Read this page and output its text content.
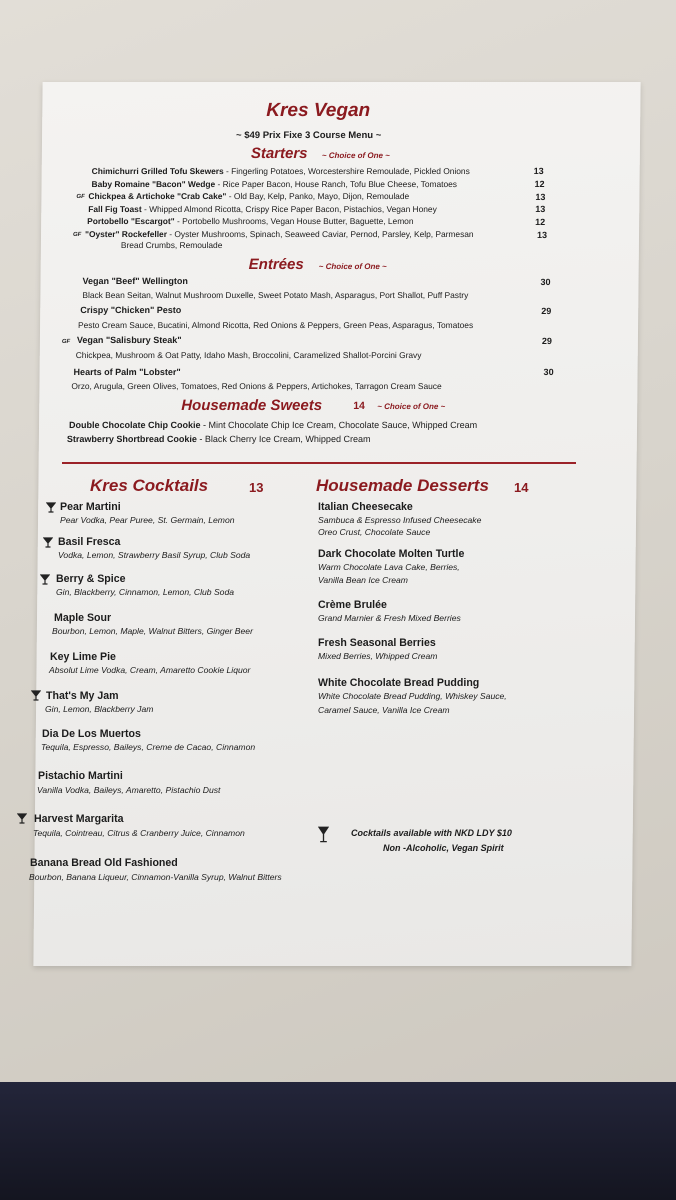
Kres Vegan
~ $49 Prix Fixe 3 Course Menu ~
Starters ~ Choice of One ~
Chimichurri Grilled Tofu Skewers - Fingerling Potatoes, Worcestershire Remoulade, Pickled Onions	13
Baby Romaine "Bacon" Wedge - Rice Paper Bacon, House Ranch, Tofu Blue Cheese, Tomatoes	12
GF Chickpea & Artichoke "Crab Cake" - Old Bay, Kelp, Panko, Mayo, Dijon, Remoulade	13
Fall Fig Toast - Whipped Almond Ricotta, Crispy Rice Paper Bacon, Pistachios, Vegan Honey	13
Portobello "Escargot" - Portobello Mushrooms, Vegan House Butter, Baguette, Lemon	12
GF "Oyster" Rockefeller - Oyster Mushrooms, Spinach, Seaweed Caviar, Pernod, Parsley, Kelp, Parmesan	13
Bread Crumbs, Remoulade
Entrées ~ Choice of One ~
Vegan "Beef" Wellington	30
Black Bean Seitan, Walnut Mushroom Duxelle, Sweet Potato Mash, Asparagus, Port Shallot, Puff Pastry
Crispy "Chicken" Pesto	29
Pesto Cream Sauce, Bucatini, Almond Ricotta, Red Onions & Peppers, Green Peas, Asparagus, Tomatoes
GF Vegan "Salisbury Steak"	29
Chickpea, Mushroom & Oat Patty, Idaho Mash, Broccolini, Caramelized Shallot-Porcini Gravy
Hearts of Palm "Lobster"	30
Orzo, Arugula, Green Olives, Tomatoes, Red Onions & Peppers, Artichokes, Tarragon Cream Sauce
Housemade Sweets	14 ~ Choice of One ~
Double Chocolate Chip Cookie - Mint Chocolate Chip Ice Cream, Chocolate Sauce, Whipped Cream
Strawberry Shortbread Cookie - Black Cherry Ice Cream, Whipped Cream
Kres Cocktails	13
Pear Martini
Pear Vodka, Pear Puree, St. Germain, Lemon
Basil Fresca
Vodka, Lemon, Strawberry Basil Syrup, Club Soda
Berry & Spice
Gin, Blackberry, Cinnamon, Lemon, Club Soda
Maple Sour
Bourbon, Lemon, Maple, Walnut Bitters, Ginger Beer
Key Lime Pie
Absolut Lime Vodka, Cream, Amaretto Cookie Liquor
That's My Jam
Gin, Lemon, Blackberry Jam
Dia De Los Muertos
Tequila, Espresso, Baileys, Creme de Cacao, Cinnamon
Pistachio Martini
Vanilla Vodka, Baileys, Amaretto, Pistachio Dust
Harvest Margarita
Tequila, Cointreau, Citrus & Cranberry Juice, Cinnamon
Banana Bread Old Fashioned
Bourbon, Banana Liqueur, Cinnamon-Vanilla Syrup, Walnut Bitters
Housemade Desserts 14
Italian Cheesecake
Sambuca & Espresso Infused Cheesecake
Oreo Crust, Chocolate Sauce
Dark Chocolate Molten Turtle
Warm Chocolate Lava Cake, Berries,
Vanilla Bean Ice Cream
Crème Brulée
Grand Marnier & Fresh Mixed Berries
Fresh Seasonal Berries
Mixed Berries, Whipped Cream
White Chocolate Bread Pudding
White Chocolate Bread Pudding, Whiskey Sauce,
Caramel Sauce, Vanilla Ice Cream
Cocktails available with NKD LDY $10
Non -Alcoholic, Vegan Spirit
